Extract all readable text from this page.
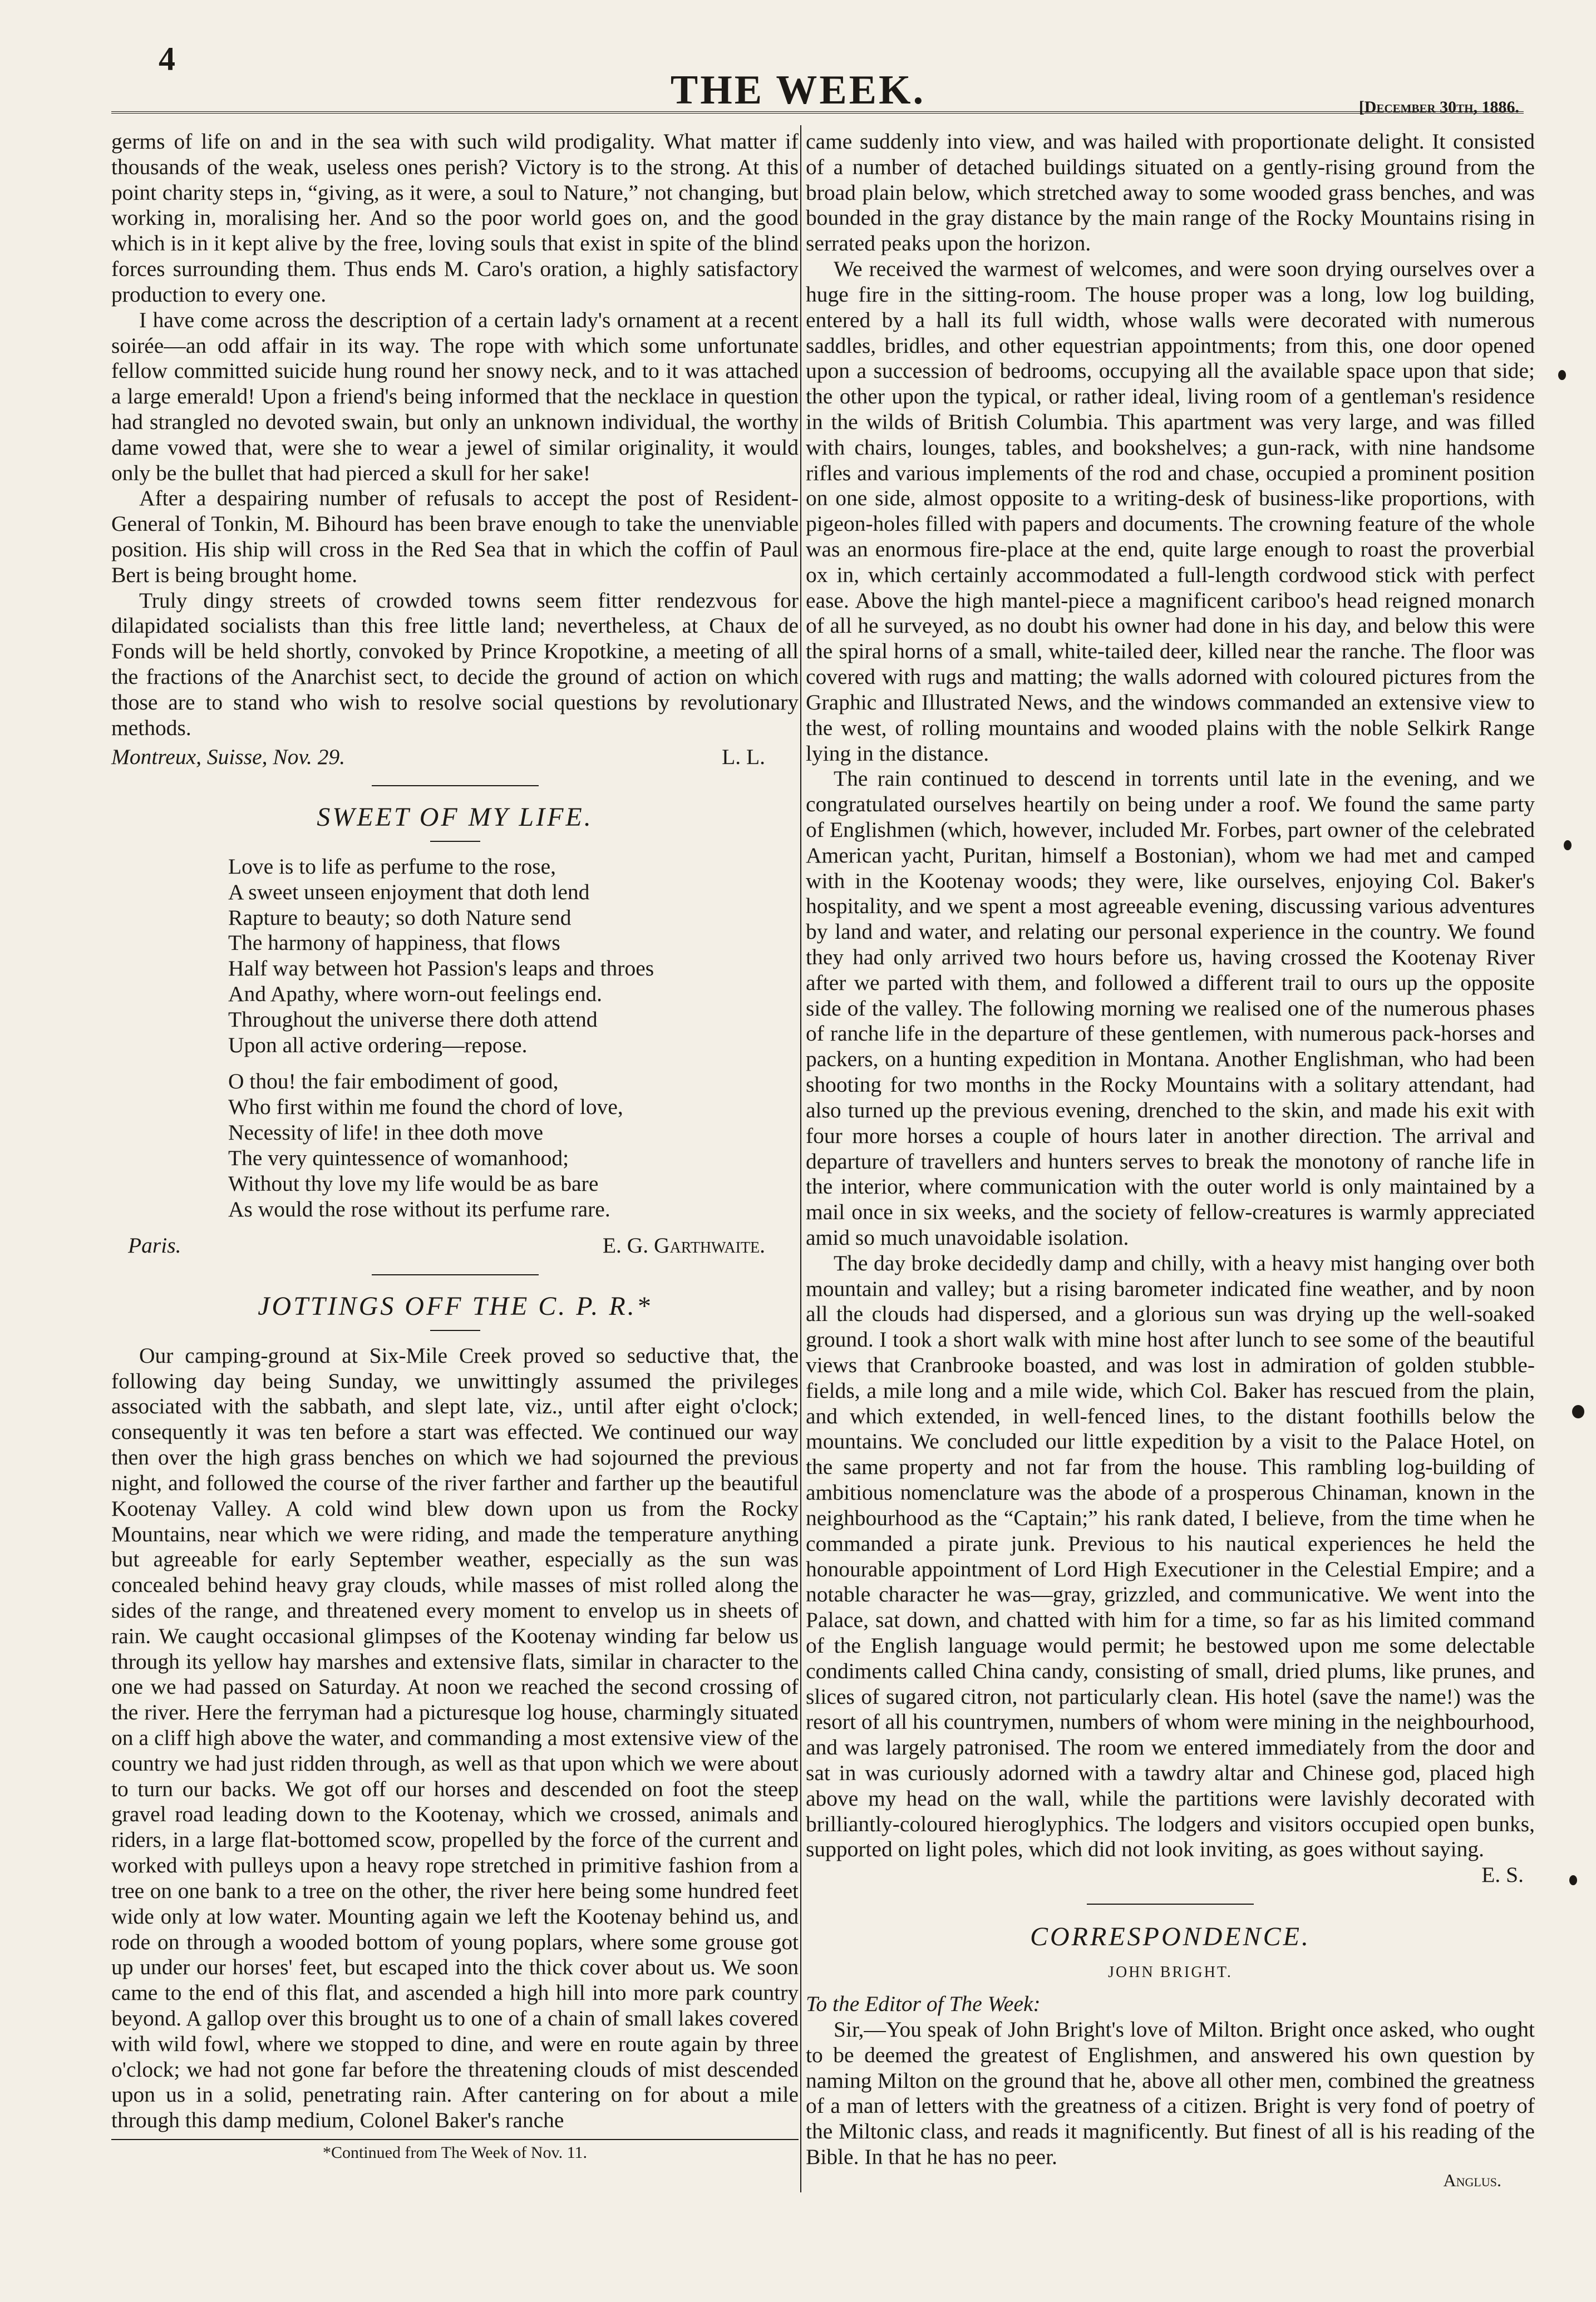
4
THE WEEK.	[December 30th, 1886.

germs of life on and in the sea with such wild prodigality. What matter if thousands of the weak, useless ones perish? Victory is to the strong. At this point charity steps in, “giving, as it were, a soul to Nature,” not changing, but working in, moralising her. And so the poor world goes on, and the good which is in it kept alive by the free, loving souls that exist in spite of the blind forces surrounding them. Thus ends M. Caro's oration, a highly satisfactory production to every one.

I have come across the description of a certain lady's ornament at a recent soirée—an odd affair in its way. The rope with which some unfortunate fellow committed suicide hung round her snowy neck, and to it was attached a large emerald! Upon a friend's being informed that the necklace in question had strangled no devoted swain, but only an unknown individual, the worthy dame vowed that, were she to wear a jewel of similar originality, it would only be the bullet that had pierced a skull for her sake!

After a despairing number of refusals to accept the post of Resident-General of Tonkin, M. Bihourd has been brave enough to take the unenviable position. His ship will cross in the Red Sea that in which the coffin of Paul Bert is being brought home.

Truly dingy streets of crowded towns seem fitter rendezvous for dilapidated socialists than this free little land; nevertheless, at Chaux de Fonds will be held shortly, convoked by Prince Kropotkine, a meeting of all the fractions of the Anarchist sect, to decide the ground of action on which those are to stand who wish to resolve social questions by revolutionary methods.

Montreux, Suisse, Nov. 29.	L. L.
SWEET OF MY LIFE.
Love is to life as perfume to the rose,
A sweet unseen enjoyment that doth lend
Rapture to beauty; so doth Nature send
The harmony of happiness, that flows
Half way between hot Passion's leaps and throes
And Apathy, where worn-out feelings end.
Throughout the universe there doth attend
Upon all active ordering—repose.
O thou! the fair embodiment of good,
Who first within me found the chord of love,
Necessity of life! in thee doth move
The very quintessence of womanhood;
Without thy love my life would be as bare
As would the rose without its perfume rare.
Paris.	E. G. Garthwaite.
JOTTINGS OFF THE C. P. R.*

Our camping-ground at Six-Mile Creek proved so seductive that, the following day being Sunday, we unwittingly assumed the privileges associated with the sabbath, and slept late, viz., until after eight o'clock; consequently it was ten before a start was effected. We continued our way then over the high grass benches on which we had sojourned the previous night, and followed the course of the river farther and farther up the beautiful Kootenay Valley. A cold wind blew down upon us from the Rocky Mountains, near which we were riding, and made the temperature anything but agreeable for early September weather, especially as the sun was concealed behind heavy gray clouds, while masses of mist rolled along the sides of the range, and threatened every moment to envelop us in sheets of rain. We caught occasional glimpses of the Kootenay winding far below us through its yellow hay marshes and extensive flats, similar in character to the one we had passed on Saturday. At noon we reached the second crossing of the river. Here the ferryman had a picturesque log house, charmingly situated on a cliff high above the water, and commanding a most extensive view of the country we had just ridden through, as well as that upon which we were about to turn our backs. We got off our horses and descended on foot the steep gravel road leading down to the Kootenay, which we crossed, animals and riders, in a large flat-bottomed scow, propelled by the force of the current and worked with pulleys upon a heavy rope stretched in primitive fashion from a tree on one bank to a tree on the other, the river here being some hundred feet wide only at low water. Mounting again we left the Kootenay behind us, and rode on through a wooded bottom of young poplars, where some grouse got up under our horses' feet, but escaped into the thick cover about us. We soon came to the end of this flat, and ascended a high hill into more park country beyond. A gallop over this brought us to one of a chain of small lakes covered with wild fowl, where we stopped to dine, and were en route again by three o'clock; we had not gone far before the threatening clouds of mist descended upon us in a solid, penetrating rain. After cantering on for about a mile through this damp medium, Colonel Baker's ranche

*Continued from The Week of Nov. 11.

came suddenly into view, and was hailed with proportionate delight. It consisted of a number of detached buildings situated on a gently-rising ground from the broad plain below, which stretched away to some wooded grass benches, and was bounded in the gray distance by the main range of the Rocky Mountains rising in serrated peaks upon the horizon.

We received the warmest of welcomes, and were soon drying ourselves over a huge fire in the sitting-room. The house proper was a long, low log building, entered by a hall its full width, whose walls were decorated with numerous saddles, bridles, and other equestrian appointments; from this, one door opened upon a succession of bedrooms, occupying all the available space upon that side; the other upon the typical, or rather ideal, living room of a gentleman's residence in the wilds of British Columbia. This apartment was very large, and was filled with chairs, lounges, tables, and bookshelves; a gun-rack, with nine handsome rifles and various implements of the rod and chase, occupied a prominent position on one side, almost opposite to a writing-desk of business-like proportions, with pigeon-holes filled with papers and documents. The crowning feature of the whole was an enormous fire-place at the end, quite large enough to roast the proverbial ox in, which certainly accommodated a full-length cordwood stick with perfect ease. Above the high mantel-piece a magnificent cariboo's head reigned monarch of all he surveyed, as no doubt his owner had done in his day, and below this were the spiral horns of a small, white-tailed deer, killed near the ranche. The floor was covered with rugs and matting; the walls adorned with coloured pictures from the Graphic and Illustrated News, and the windows commanded an extensive view to the west, of rolling mountains and wooded plains with the noble Selkirk Range lying in the distance.

The rain continued to descend in torrents until late in the evening, and we congratulated ourselves heartily on being under a roof. We found the same party of Englishmen (which, however, included Mr. Forbes, part owner of the celebrated American yacht, Puritan, himself a Bostonian), whom we had met and camped with in the Kootenay woods; they were, like ourselves, enjoying Col. Baker's hospitality, and we spent a most agreeable evening, discussing various adventures by land and water, and relating our personal experience in the country. We found they had only arrived two hours before us, having crossed the Kootenay River after we parted with them, and followed a different trail to ours up the opposite side of the valley. The following morning we realised one of the numerous phases of ranche life in the departure of these gentlemen, with numerous pack-horses and packers, on a hunting expedition in Montana. Another Englishman, who had been shooting for two months in the Rocky Mountains with a solitary attendant, had also turned up the previous evening, drenched to the skin, and made his exit with four more horses a couple of hours later in another direction. The arrival and departure of travellers and hunters serves to break the monotony of ranche life in the interior, where communication with the outer world is only maintained by a mail once in six weeks, and the society of fellow-creatures is warmly appreciated amid so much unavoidable isolation.

The day broke decidedly damp and chilly, with a heavy mist hanging over both mountain and valley; but a rising barometer indicated fine weather, and by noon all the clouds had dispersed, and a glorious sun was drying up the well-soaked ground. I took a short walk with mine host after lunch to see some of the beautiful views that Cranbrooke boasted, and was lost in admiration of golden stubble-fields, a mile long and a mile wide, which Col. Baker has rescued from the plain, and which extended, in well-fenced lines, to the distant foothills below the mountains. We concluded our little expedition by a visit to the Palace Hotel, on the same property and not far from the house. This rambling log-building of ambitious nomenclature was the abode of a prosperous Chinaman, known in the neighbourhood as the “Captain;” his rank dated, I believe, from the time when he commanded a pirate junk. Previous to his nautical experiences he held the honourable appointment of Lord High Executioner in the Celestial Empire; and a notable character he was—gray, grizzled, and communicative. We went into the Palace, sat down, and chatted with him for a time, so far as his limited command of the English language would permit; he bestowed upon me some delectable condiments called China candy, consisting of small, dried plums, like prunes, and slices of sugared citron, not particularly clean. His hotel (save the name!) was the resort of all his countrymen, numbers of whom were mining in the neighbourhood, and was largely patronised. The room we entered immediately from the door and sat in was curiously adorned with a tawdry altar and Chinese god, placed high above my head on the wall, while the partitions were lavishly decorated with brilliantly-coloured hieroglyphics. The lodgers and visitors occupied open bunks, supported on light poles, which did not look inviting, as goes without saying.

E. S.
CORRESPONDENCE.
JOHN BRIGHT.

To the Editor of The Week:

Sir,—You speak of John Bright's love of Milton. Bright once asked, who ought to be deemed the greatest of Englishmen, and answered his own question by naming Milton on the ground that he, above all other men, combined the greatness of a man of letters with the greatness of a citizen. Bright is very fond of poetry of the Miltonic class, and reads it magnificently. But finest of all is his reading of the Bible. In that he has no peer.

Anglus.
